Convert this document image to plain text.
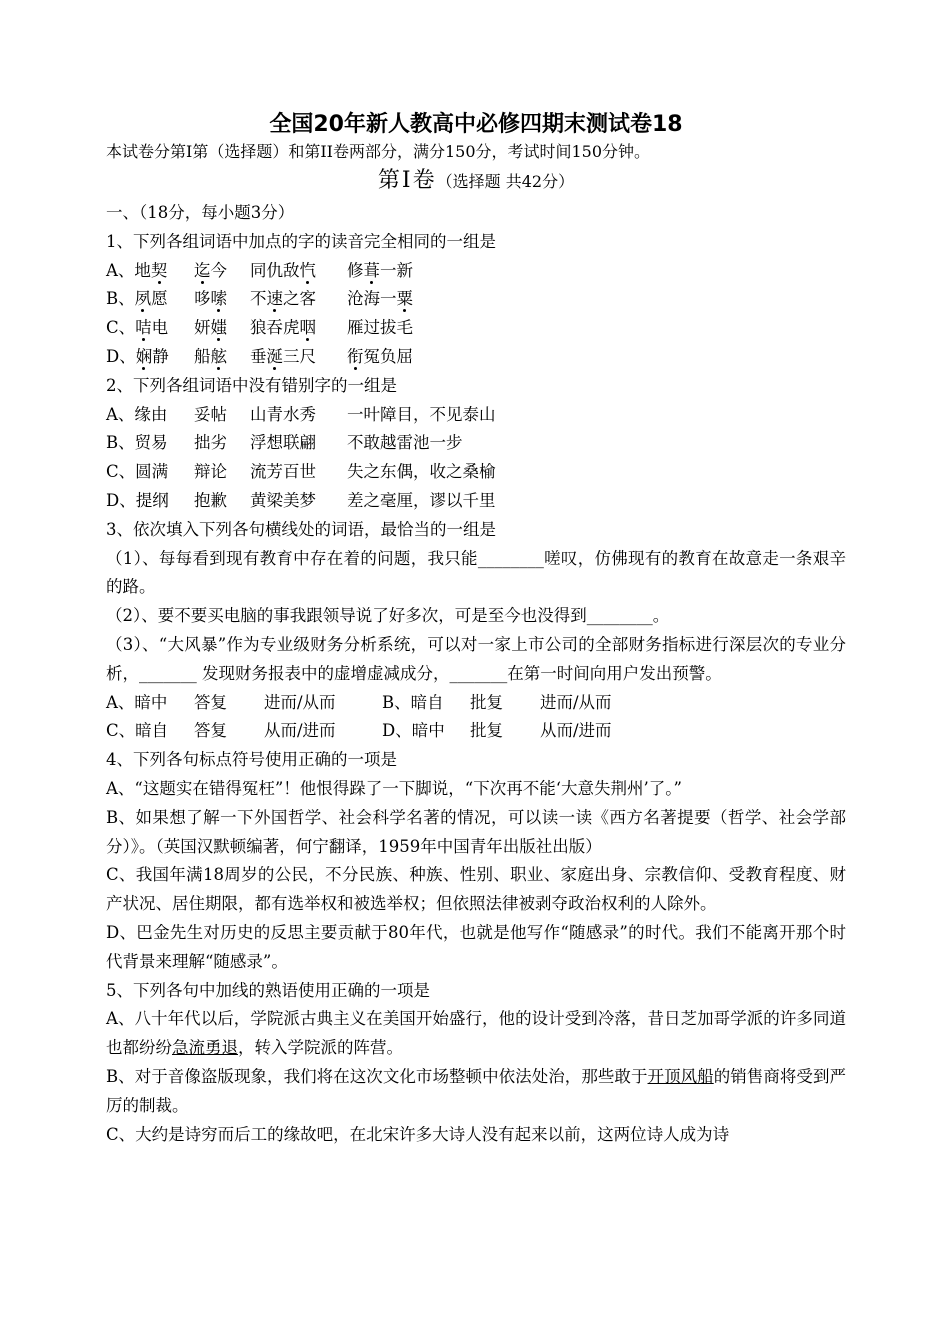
全国20年新人教高中必修四期末测试卷18

本试卷分第I第（选择题）和第II卷两部分，满分150分，考试时间150分钟。

第Ⅰ卷（选择题 共42分）

一、（18分，每小题3分）

1、下列各组词语中加点的字的读音完全相同的一组是

A、地契 迄今 同仇敌忾 修葺一新

B、夙愿 哆嗦 不速之客 沧海一粟

C、咭电 妍媸 狼吞虎咽 雁过拔毛

D、娴静 船舷 垂涎三尺 衔冤负屈

2、下列各组词语中没有错别字的一组是

A、缘由 妥帖 山青水秀 一叶障目，不见泰山

B、贸易 拙劣 浮想联翩 不敢越雷池一步

C、圆满 辩论 流芳百世 失之东偶，收之桑榆

D、提纲 抱歉 黄梁美梦 差之毫厘，谬以千里

3、依次填入下列各句横线处的词语，最恰当的一组是

（1）、每每看到现有教育中存在着的问题，我只能________嗟叹，仿佛现有的教育在故意走一条艰辛的路。

（2）、要不要买电脑的事我跟领导说了好多次，可是至今也没得到________。

（3）、“大风暴”作为专业级财务分析系统，可以对一家上市公司的全部财务指标进行深层次的专业分析，_______ 发现财务报表中的虚增虚减成分，_______在第一时间向用户发出预警。

A、暗中 答复 进而/从而	B、暗自 批复 进而/从而

C、暗自 答复 从而/进而	D、暗中 批复 从而/进而

4、下列各句标点符号使用正确的一项是

A、“这题实在错得冤枉”！他恨得跺了一下脚说，“下次再不能‘大意失荆州’了。”

B、如果想了解一下外国哲学、社会科学名著的情况，可以读一读《西方名著提要（哲学、社会学部分）》。（英国汉默顿编著，何宁翻译，1959年中国青年出版社出版）

C、我国年满18周岁的公民，不分民族、种族、性别、职业、家庭出身、宗教信仰、受教育程度、财产状况、居住期限，都有选举权和被选举权；但依照法律被剥夺政治权利的人除外。

D、巴金先生对历史的反思主要贡献于80年代，也就是他写作“随感录”的时代。我们不能离开那个时代背景来理解“随感录”。

5、下列各句中加线的熟语使用正确的一项是

A、八十年代以后，学院派古典主义在美国开始盛行，他的设计受到冷落，昔日芝加哥学派的许多同道也都纷纷急流勇退，转入学院派的阵营。

B、对于音像盗版现象，我们将在这次文化市场整顿中依法处治，那些敢于开顶风船的销售商将受到严厉的制裁。

C、大约是诗穷而后工的缘故吧，在北宋许多大诗人没有起来以前，这两位诗人成为诗
